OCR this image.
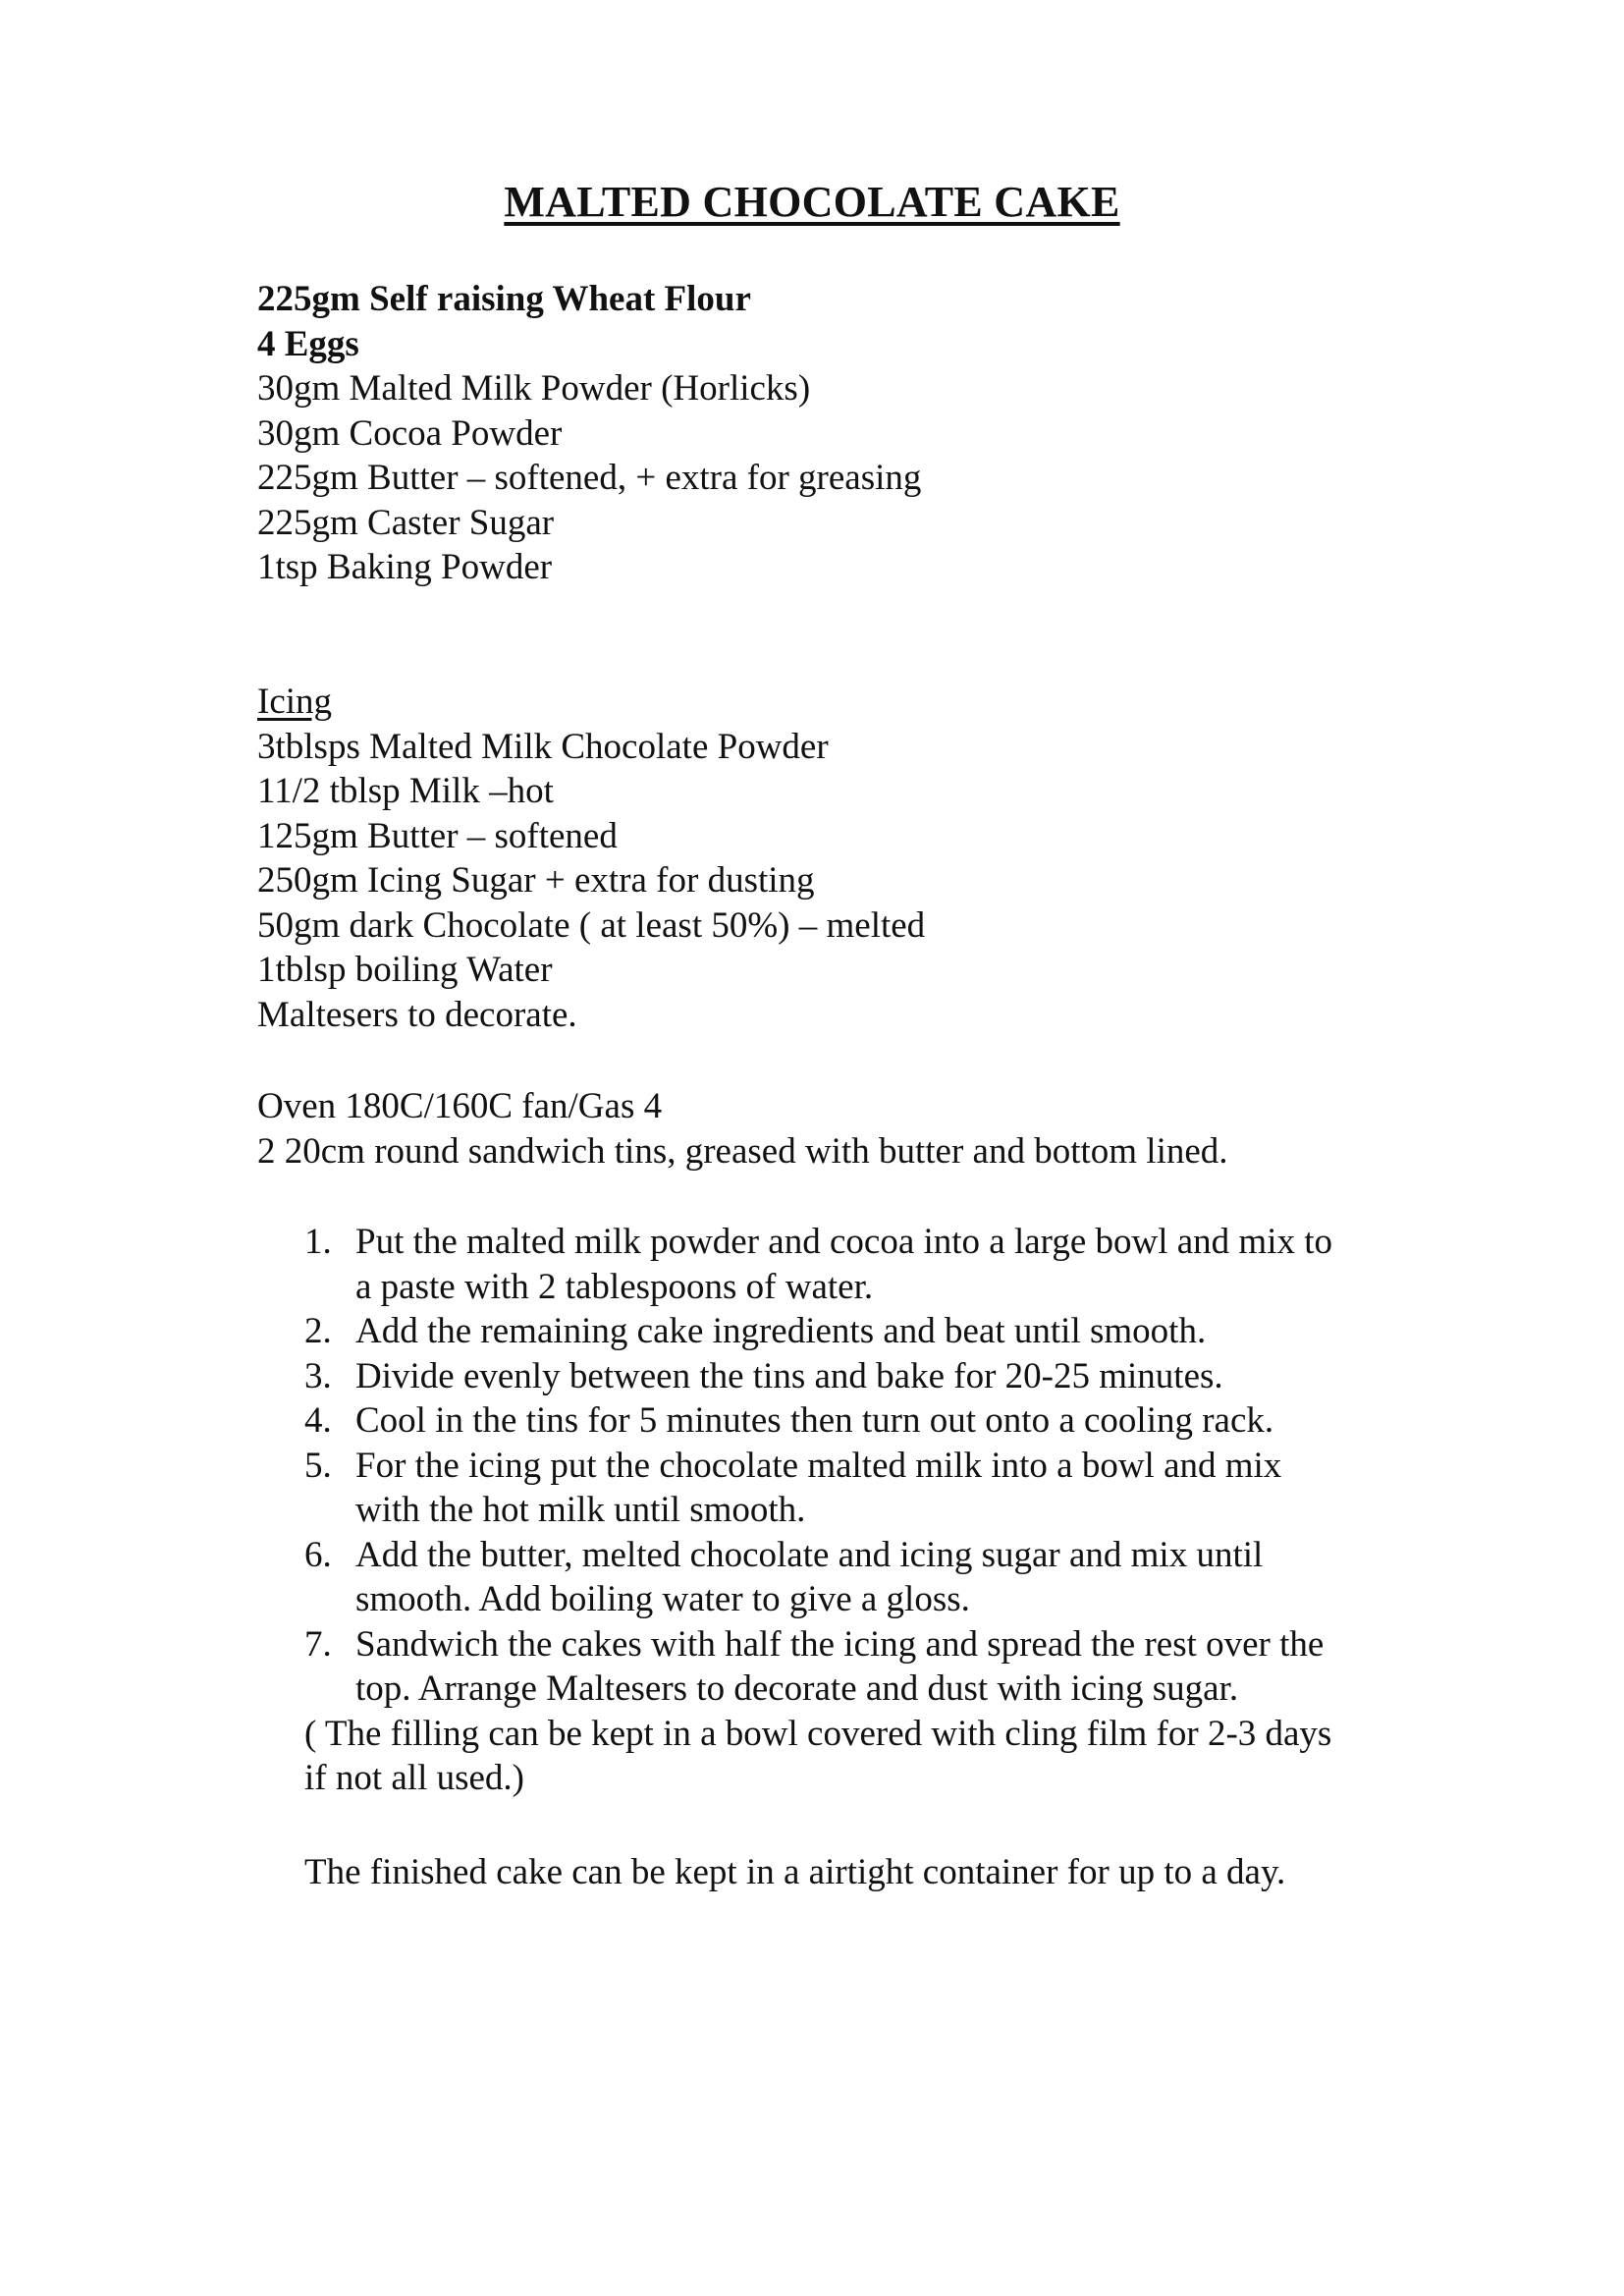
MALTED CHOCOLATE CAKE
225gm Self raising Wheat Flour
4 Eggs
30gm Malted Milk Powder (Horlicks)
30gm Cocoa Powder
225gm Butter – softened, + extra for greasing
225gm Caster Sugar
1tsp Baking Powder
Icing
3tblsps Malted Milk Chocolate Powder
11/2 tblsp Milk –hot
125gm Butter – softened
250gm Icing Sugar + extra for dusting
50gm dark Chocolate ( at least 50%) – melted
1tblsp boiling Water
Maltesers to decorate.
Oven 180C/160C fan/Gas 4
2 20cm round sandwich tins, greased with butter and bottom lined.
1. Put the malted milk powder and cocoa into a large bowl and mix to
a paste with 2 tablespoons of water.
2. Add the remaining cake ingredients and beat until smooth.
3. Divide evenly between the tins and bake for 20-25 minutes.
4. Cool in the tins for 5 minutes then turn out onto a cooling rack.
5. For the icing put the chocolate malted milk into a bowl and mix
with the hot milk until smooth.
6. Add the butter, melted chocolate and icing sugar and mix until
smooth. Add boiling water to give a gloss.
7. Sandwich the cakes with half the icing and spread the rest over the
top. Arrange Maltesers to decorate and dust with icing sugar.
( The filling can be kept in a bowl covered with cling film for 2-3 days
if not all used.)
The finished cake can be kept in a airtight container for up to a day.
